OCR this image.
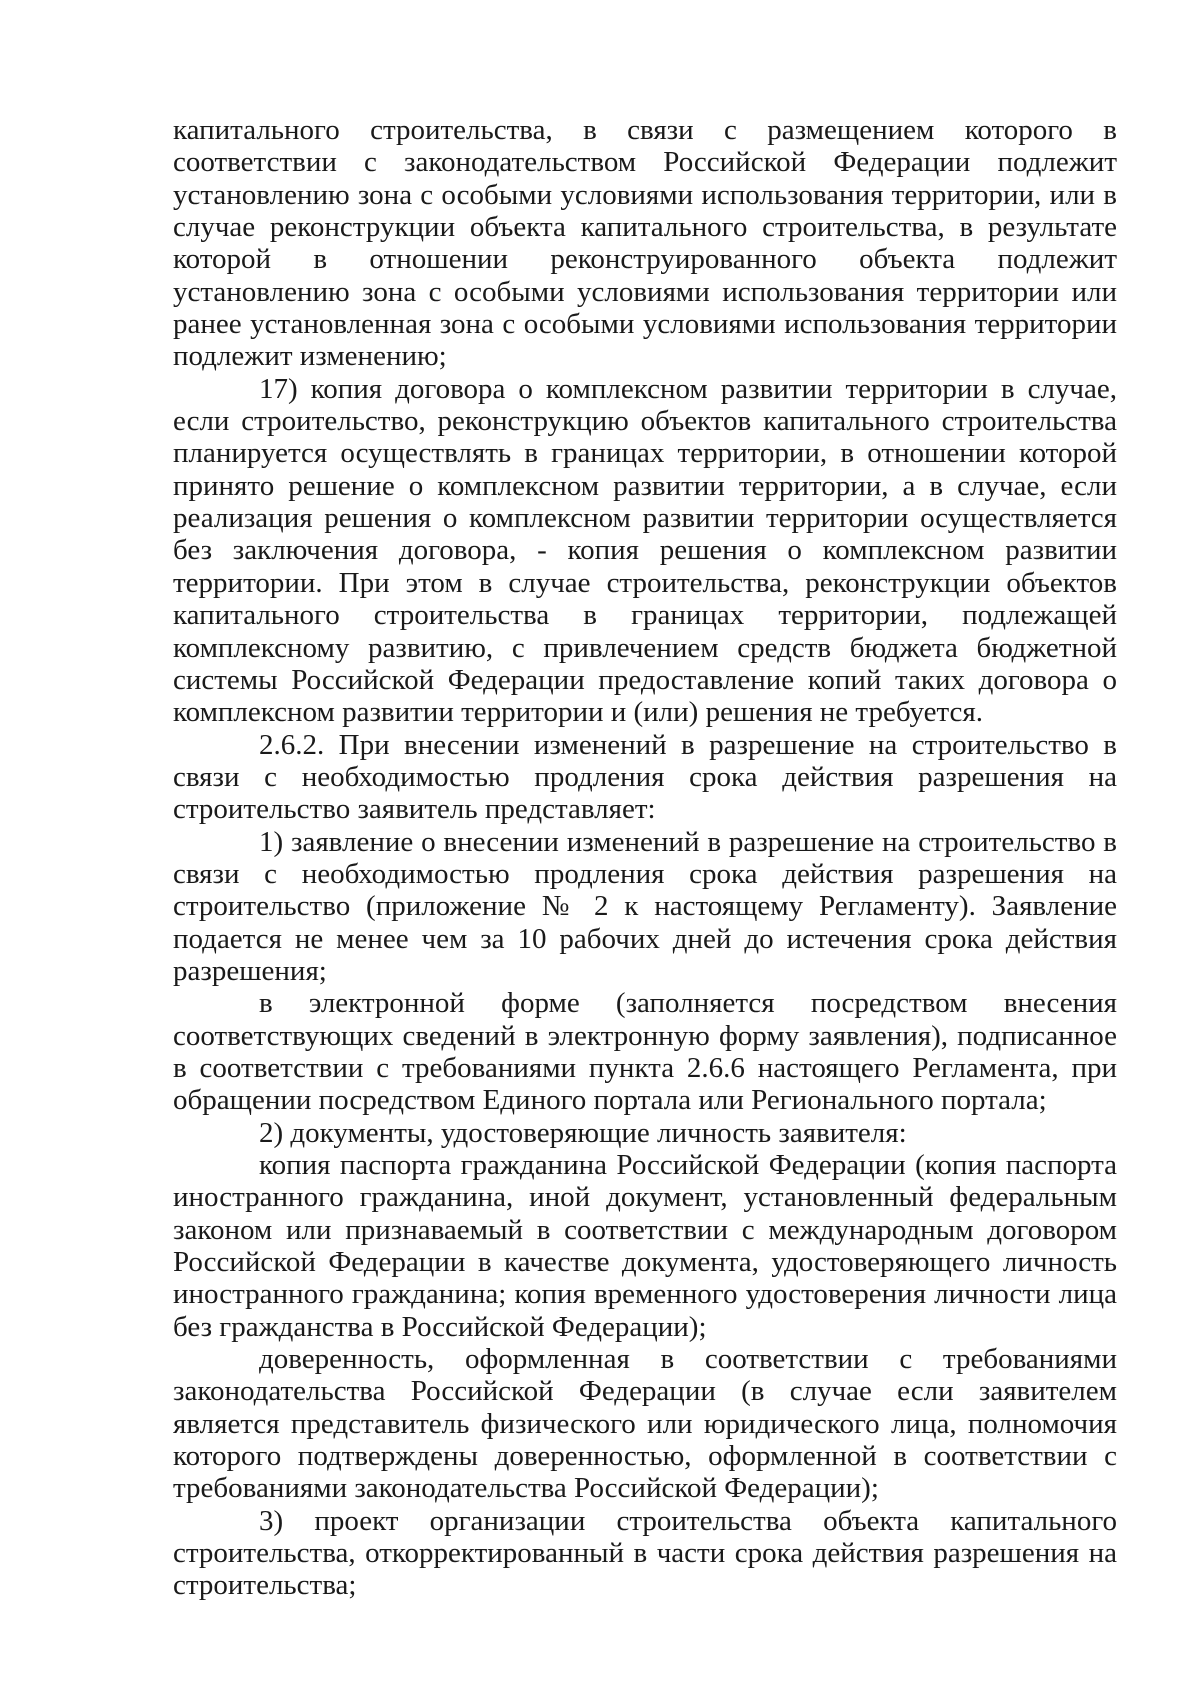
капитального строительства, в связи с размещением которого в соответствии с законодательством Российской Федерации подлежит установлению зона с особыми условиями использования территории, или в случае реконструкции объекта капитального строительства, в результате которой в отношении реконструированного объекта подлежит установлению зона с особыми условиями использования территории или ранее установленная зона с особыми условиями использования территории подлежит изменению;

17) копия договора о комплексном развитии территории в случае, если строительство, реконструкцию объектов капитального строительства планируется осуществлять в границах территории, в отношении которой принято решение о комплексном развитии территории, а в случае, если реализация решения о комплексном развитии территории осуществляется без заключения договора, - копия решения о комплексном развитии территории. При этом в случае строительства, реконструкции объектов капитального строительства в границах территории, подлежащей комплексному развитию, с привлечением средств бюджета бюджетной системы Российской Федерации предоставление копий таких договора о комплексном развитии территории и (или) решения не требуется.

2.6.2. При внесении изменений в разрешение на строительство в связи с необходимостью продления срока действия разрешения на строительство заявитель представляет:

1) заявление о внесении изменений в разрешение на строительство в связи с необходимостью продления срока действия разрешения на строительство (приложение № 2 к настоящему Регламенту). Заявление подается не менее чем за 10 рабочих дней до истечения срока действия разрешения;

в электронной форме (заполняется посредством внесения соответствующих сведений в электронную форму заявления), подписанное в соответствии с требованиями пункта 2.6.6 настоящего Регламента, при обращении посредством Единого портала или Регионального портала;

2) документы, удостоверяющие личность заявителя:

копия паспорта гражданина Российской Федерации (копия паспорта иностранного гражданина, иной документ, установленный федеральным законом или признаваемый в соответствии с международным договором Российской Федерации в качестве документа, удостоверяющего личность иностранного гражданина; копия временного удостоверения личности лица без гражданства в Российской Федерации);

доверенность, оформленная в соответствии с требованиями законодательства Российской Федерации (в случае если заявителем является представитель физического или юридического лица, полномочия которого подтверждены доверенностью, оформленной в соответствии с требованиями законодательства Российской Федерации);

3) проект организации строительства объекта капитального строительства, откорректированный в части срока действия разрешения на строительства;
